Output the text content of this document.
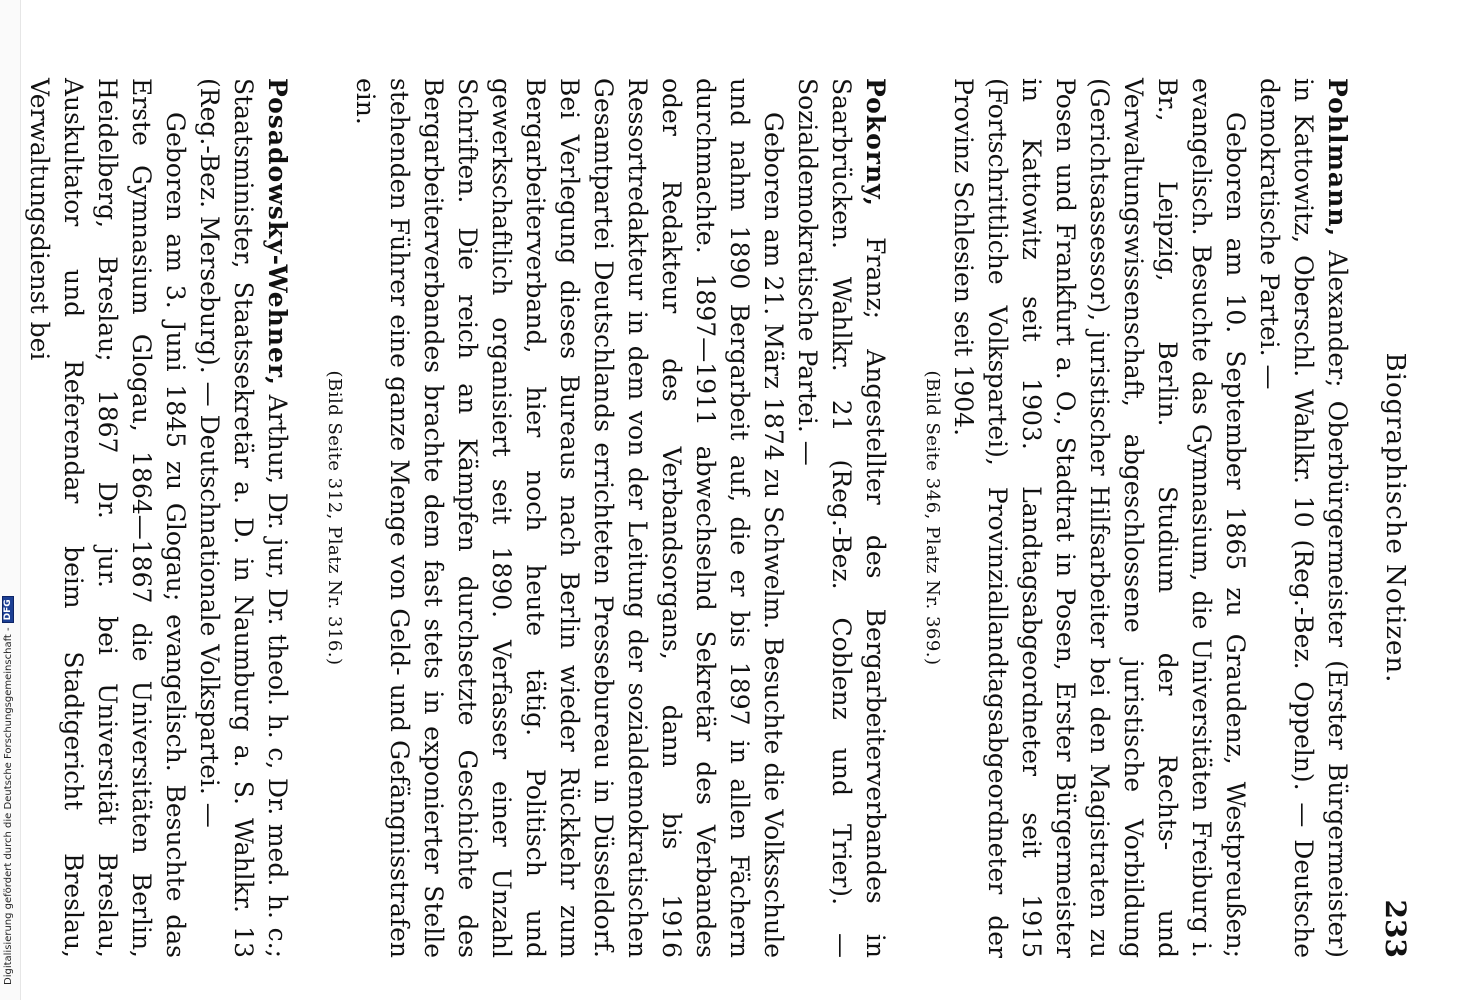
Digitalisierung gefördert durch die Deutsche Forschungsgemeinschaft -
DFG	Biographische Notizen.
233

Pohlmann, Alexander; Oberbürgermeister (Erster Bürgermeister) in Kattowitz, Oberschl. Wahlkr. 10 (Reg.-Bez. Oppeln). — Deutsche demokratische Partei. —

Geboren am 10. September 1865 zu Graudenz, Westpreußen; evangelisch. Besuchte das Gymnasium, die Universitäten Freiburg i. Br., Leipzig, Berlin. Studium der Rechts- und Verwaltungswissenschaft, abgeschlossene juristische Vorbildung (Gerichtsassessor), juristischer Hilfsarbeiter bei den Magistraten zu Posen und Frankfurt a. O., Stadtrat in Posen, Erster Bürgermeister in Kattowitz seit 1903. Landtagsabgeordneter seit 1915 (Fortschrittliche Volkspartei), Provinziallandtagsabgeordneter der Provinz Schlesien seit 1904.

(Bild Seite 346, Platz Nr. 369.)

Pokorny, Franz; Angestellter des Bergarbeiterverbandes in Saarbrücken. Wahlkr. 21 (Reg.-Bez. Coblenz und Trier). — Sozialdemokratische Partei. —

Geboren am 21. März 1874 zu Schwelm. Besuchte die Volksschule und nahm 1890 Bergarbeit auf, die er bis 1897 in allen Fächern durchmachte. 1897—1911 abwechselnd Sekretär des Verbandes oder Redakteur des Verbandsorgans, dann bis 1916 Ressortredakteur in dem von der Leitung der sozialdemokratischen Gesamtpartei Deutschlands errichteten Pressebureau in Düsseldorf. Bei Verlegung dieses Bureaus nach Berlin wieder Rückkehr zum Bergarbeiterverband, hier noch heute tätig. Politisch und gewerkschaftlich organisiert seit 1890. Verfasser einer Unzahl Schriften. Die reich an Kämpfen durchsetzte Geschichte des Bergarbeiterverbandes brachte dem fast stets in exponierter Stelle stehenden Führer eine ganze Menge von Geld- und Gefängnisstrafen ein.

(Bild Seite 312, Platz Nr. 316.)

Posadowsky-Wehner, Arthur, Dr. jur, Dr. theol. h. c, Dr. med. h. c.; Staatsminister, Staatssekretär a. D. in Naumburg a. S. Wahlkr. 13 (Reg.-Bez. Merseburg). — Deutschnationale Volkspartei. —

Geboren am 3. Juni 1845 zu Glogau; evangelisch. Besuchte das Erste Gymnasium Glogau, 1864—1867 die Universitäten Berlin, Heidelberg, Breslau; 1867 Dr. jur. bei Universität Breslau, Auskultator und Referendar beim Stadtgericht Breslau, Verwaltungsdienst bei
